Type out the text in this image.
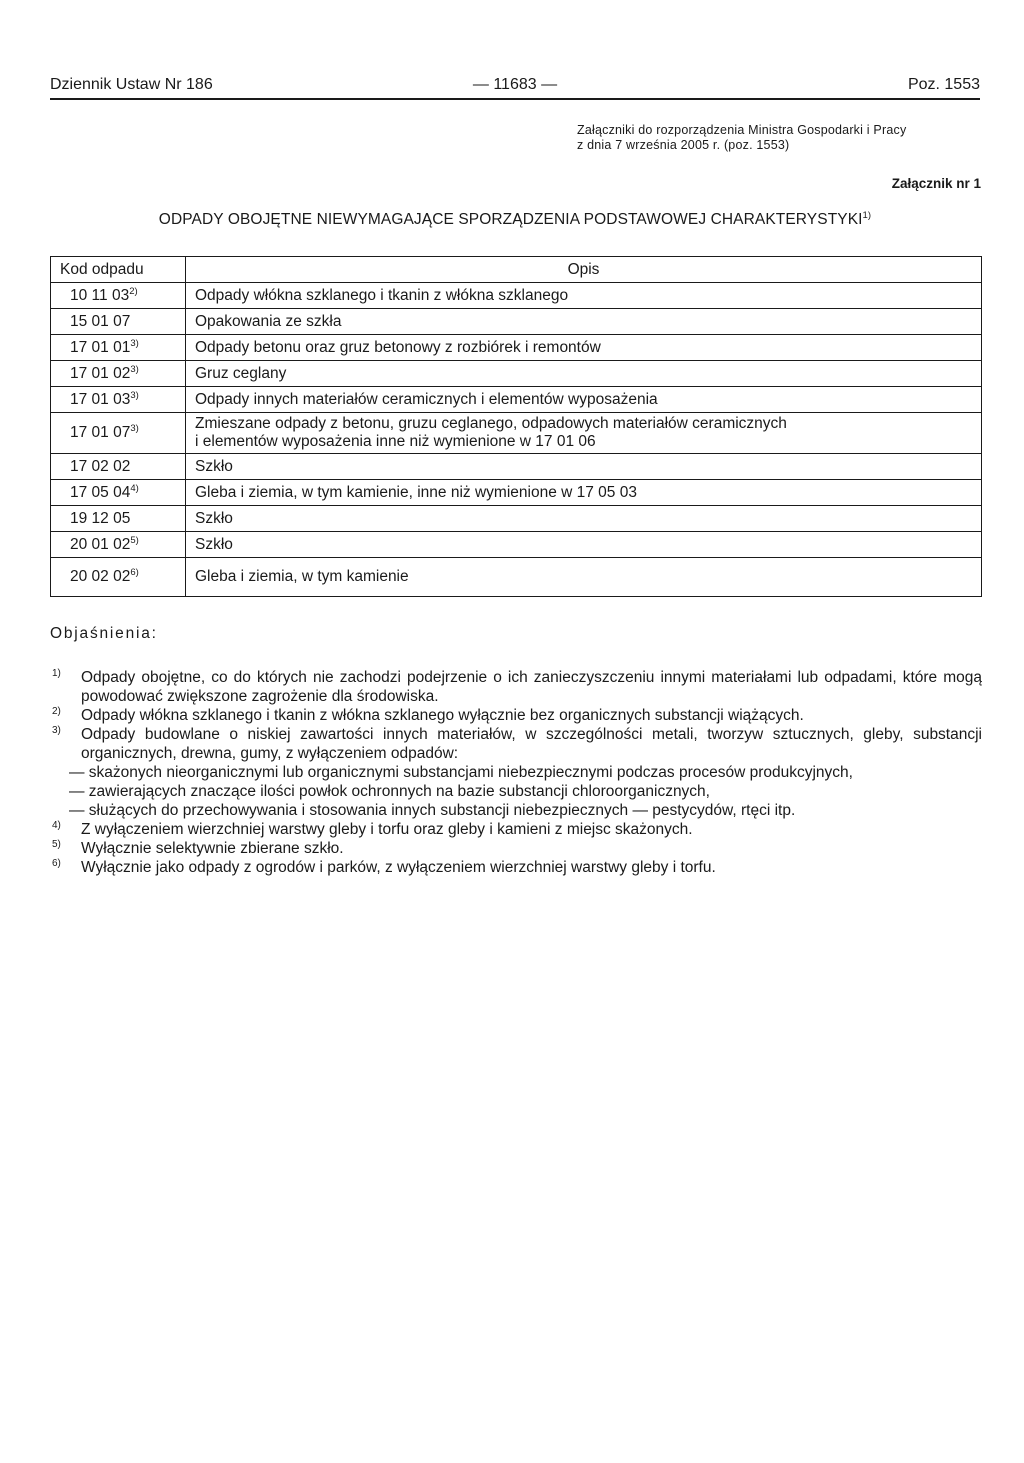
Dziennik Ustaw Nr 186	— 11683 —	Poz. 1553
Załączniki do rozporządzenia Ministra Gospodarki i Pracy
z dnia 7 września 2005 r. (poz. 1553)
Załącznik nr 1
ODPADY OBOJĘTNE NIEWYMAGAJĄCE SPORZĄDZENIA PODSTAWOWEJ CHARAKTERYSTYKI$^{1)}$
Kod odpadu	Opis
10 11 03$^{2)}$	Odpady włókna szklanego i tkanin z włókna szklanego
15 01 07	Opakowania ze szkła
17 01 01$^{3)}$	Odpady betonu oraz gruz betonowy z rozbiórek i remontów
17 01 02$^{3)}$	Gruz ceglany
17 01 03$^{3)}$	Odpady innych materiałów ceramicznych i elementów wyposażenia
17 01 07$^{3)}$	Zmieszane odpady z betonu, gruzu ceglanego, odpadowych materiałów ceramicznych
i elementów wyposażenia inne niż wymienione w 17 01 06
17 02 02	Szkło
17 05 04$^{4)}$	Gleba i ziemia, w tym kamienie, inne niż wymienione w 17 05 03
19 12 05	Szkło
20 01 02$^{5)}$	Szkło
20 02 02$^{6)}$	Gleba i ziemia, w tym kamienie
Objaśnienia:
1) Odpady obojętne, co do których nie zachodzi podejrzenie o ich zanieczyszczeniu innymi materiałami lub odpadami, które mogą powodować zwiększone zagrożenie dla środowiska.
2) Odpady włókna szklanego i tkanin z włókna szklanego wyłącznie bez organicznych substancji wiążących.
3) Odpady budowlane o niskiej zawartości innych materiałów, w szczególności metali, tworzyw sztucznych, gleby, substancji organicznych, drewna, gumy, z wyłączeniem odpadów:
— skażonych nieorganicznymi lub organicznymi substancjami niebezpiecznymi podczas procesów produkcyjnych,
— zawierających znaczące ilości powłok ochronnych na bazie substancji chloroorganicznych,
— służących do przechowywania i stosowania innych substancji niebezpiecznych — pestycydów, rtęci itp.
4) Z wyłączeniem wierzchniej warstwy gleby i torfu oraz gleby i kamieni z miejsc skażonych.
5) Wyłącznie selektywnie zbierane szkło.
6) Wyłącznie jako odpady z ogrodów i parków, z wyłączeniem wierzchniej warstwy gleby i torfu.
